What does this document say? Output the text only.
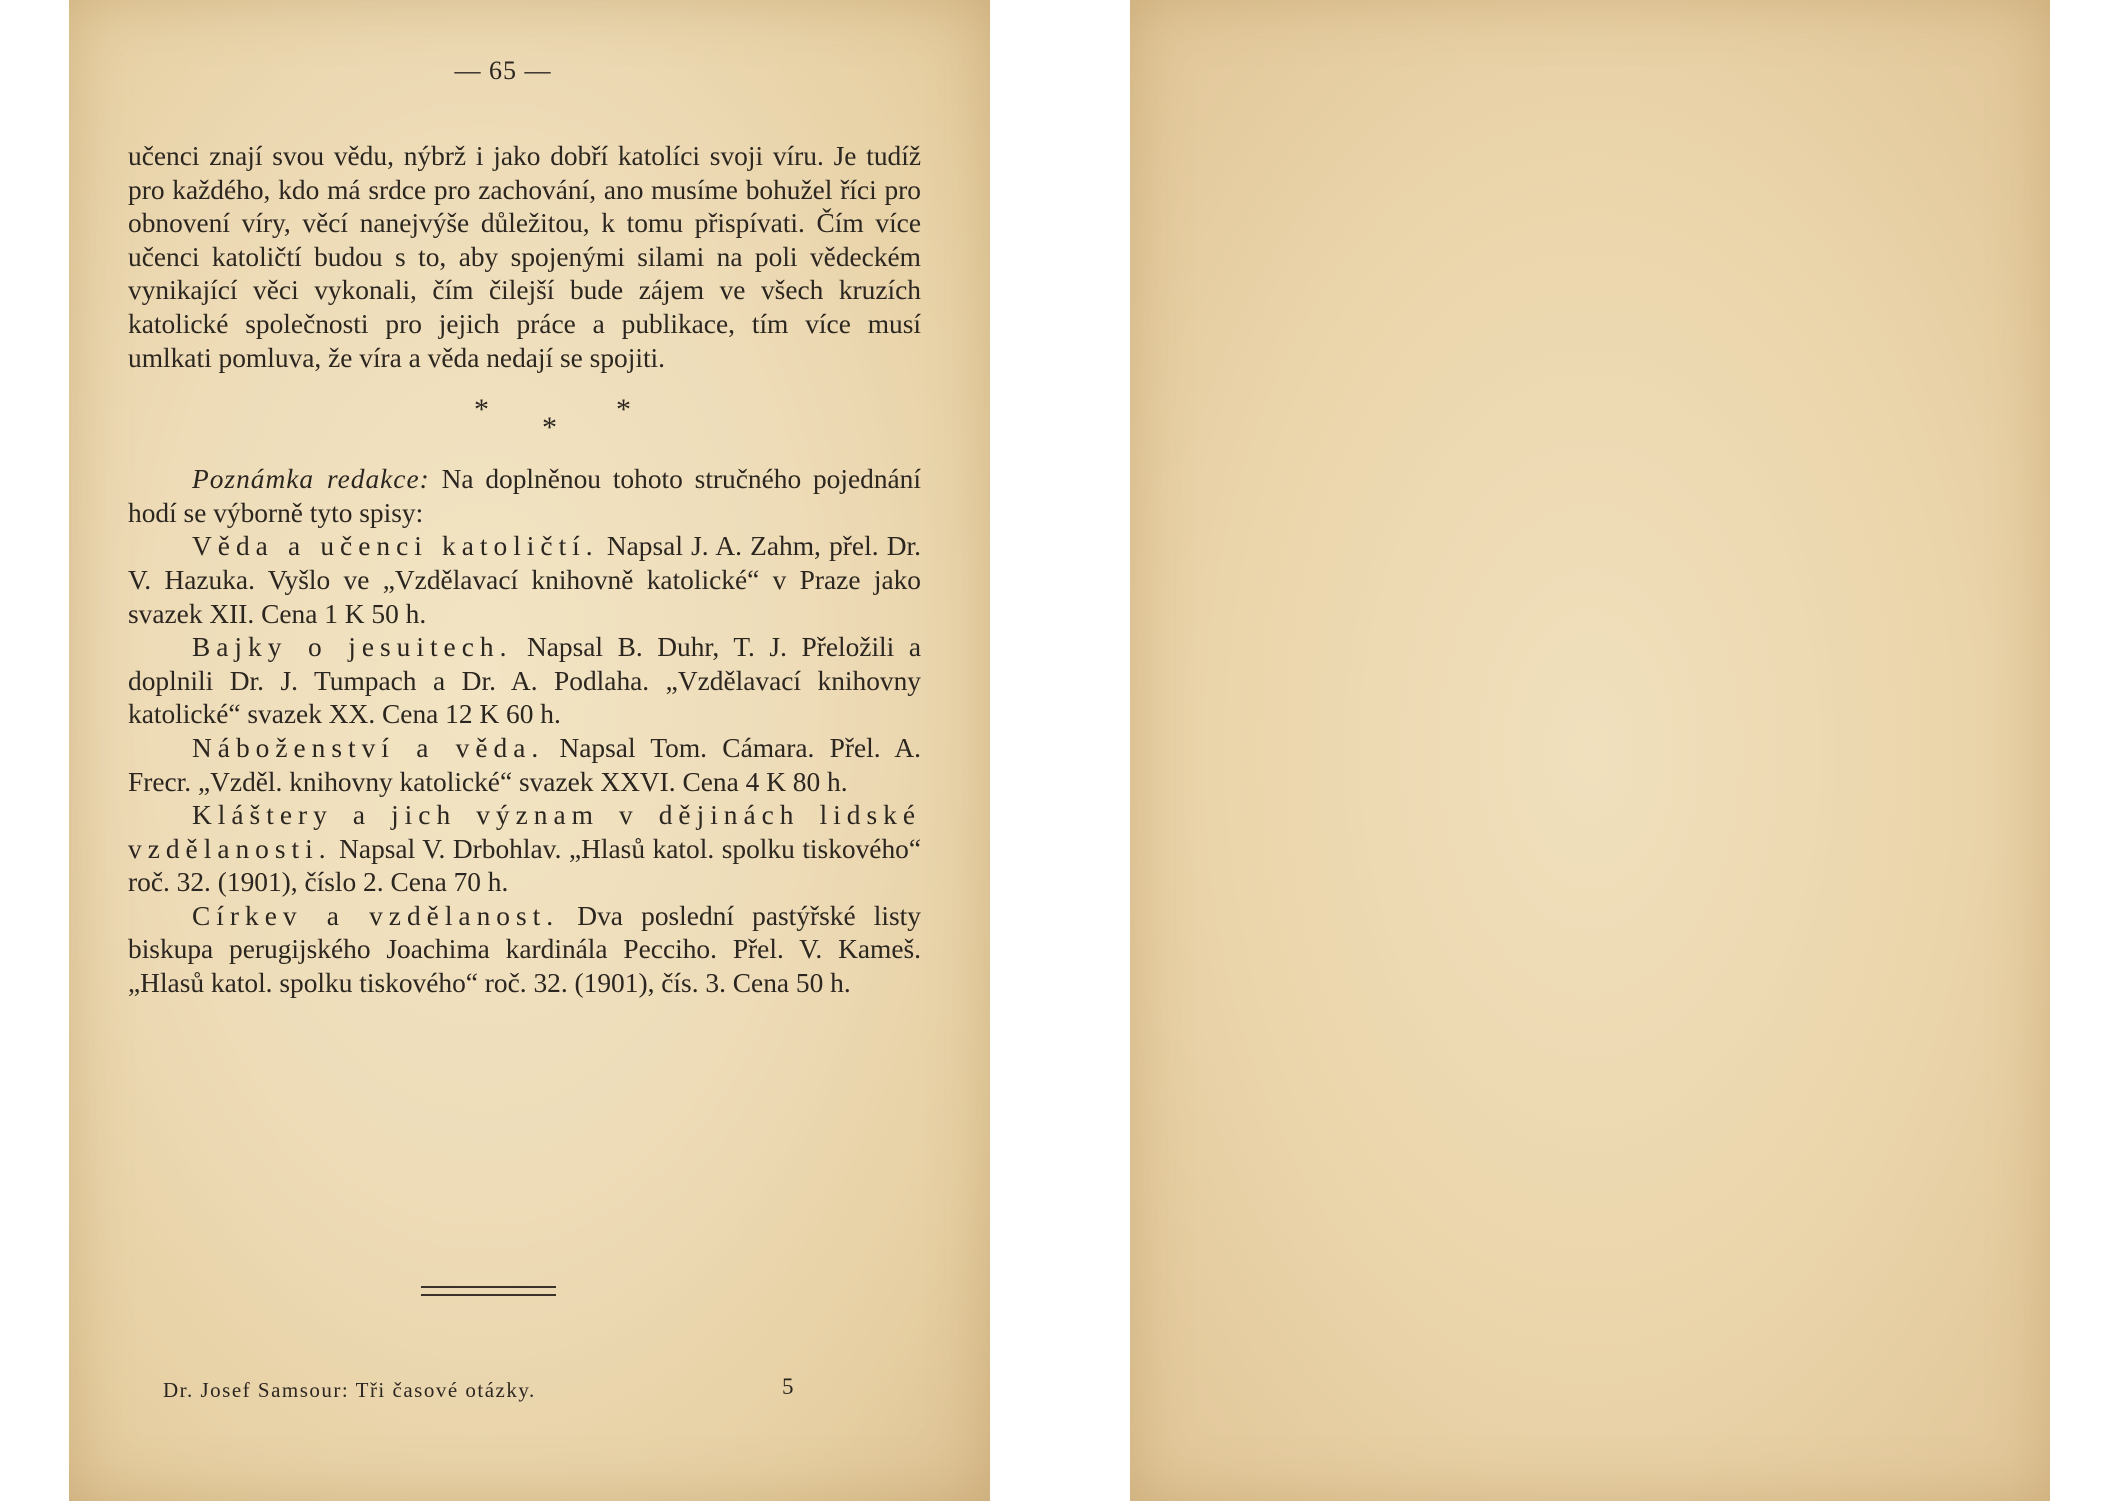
— 65 —

učenci znají svou vědu, nýbrž i jako dobří katolíci svoji víru. Je tudíž pro každého, kdo má srdce pro zachování, ano musíme bohužel říci pro obnovení víry, věcí nanejvýše důležitou, k tomu přispívati. Čím více učenci katoličtí budou s to, aby spojenými silami na poli vědeckém vynikající věci vykonali, čím čilejší bude zájem ve všech kruzích katolické společnosti pro jejich práce a publikace, tím více musí umlkati pomluva, že víra a věda nedají se spojiti.

*
*
*

Poznámka redakce: Na doplněnou tohoto stručného pojednání hodí se výborně tyto spisy:

Věda a učenci katoličtí. Napsal J. A. Zahm, přel. Dr. V. Hazuka. Vyšlo ve „Vzdělavací knihovně katolické“ v Praze jako svazek XII. Cena 1 K 50 h.

Bajky o jesuitech. Napsal B. Duhr, T. J. Přeložili a doplnili Dr. J. Tumpach a Dr. A. Podlaha. „Vzdělavací knihovny katolické“ svazek XX. Cena 12 K 60 h.

Náboženství a věda. Napsal Tom. Cámara. Přel. A. Frecr. „Vzděl. knihovny katolické“ svazek XXVI. Cena 4 K 80 h.

Kláštery a jich význam v dějinách lidské vzdělanosti. Napsal V. Drbohlav. „Hlasů katol. spolku tiskového“ roč. 32. (1901), číslo 2. Cena 70 h.

Církev a vzdělanost. Dva poslední pastýřské listy biskupa perugijského Joachima kardinála Pecciho. Přel. V. Kameš. „Hlasů katol. spolku tiskového“ roč. 32. (1901), čís. 3. Cena 50 h.

Dr. Josef Samsour: Tři časové otázky.	5
